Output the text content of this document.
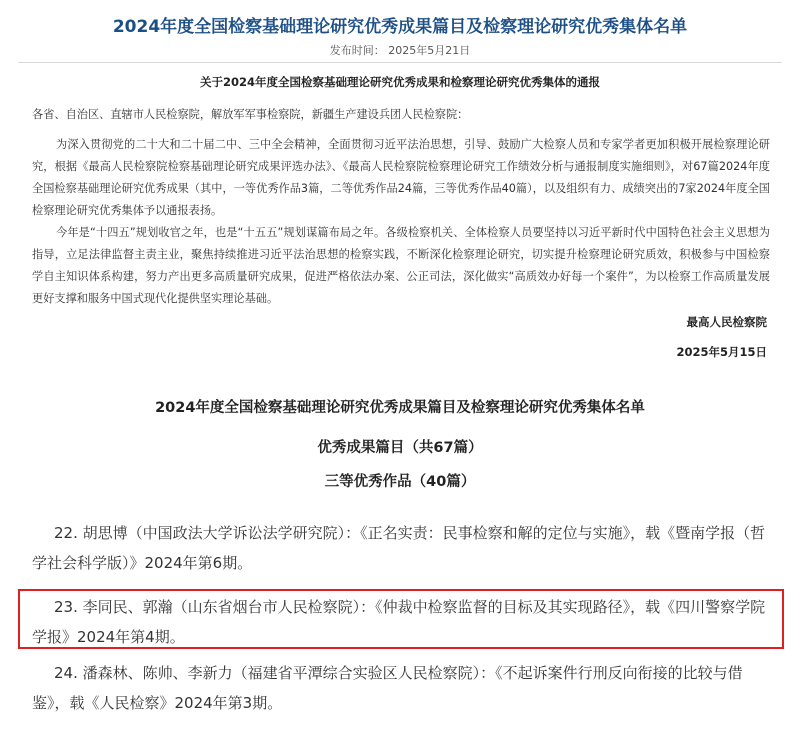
2024年度全国检察基础理论研究优秀成果篇目及检察理论研究优秀集体名单
发布时间： 2025年5月21日
关于2024年度全国检察基础理论研究优秀成果和检察理论研究优秀集体的通报
各省、自治区、直辖市人民检察院，解放军军事检察院，新疆生产建设兵团人民检察院：
为深入贯彻党的二十大和二十届二中、三中全会精神，全面贯彻习近平法治思想，引导、鼓励广大检察人员和专家学者更加积极开展检察理论研究，根据《最高人民检察院检察基础理论研究成果评选办法》、《最高人民检察院检察理论研究工作绩效分析与通报制度实施细则》，对67篇2024年度全国检察基础理论研究优秀成果（其中，一等优秀作品3篇，二等优秀作品24篇，三等优秀作品40篇），以及组织有力、成绩突出的7家2024年度全国检察理论研究优秀集体予以通报表扬。
今年是“十四五”规划收官之年，也是“十五五”规划谋篇布局之年。各级检察机关、全体检察人员要坚持以习近平新时代中国特色社会主义思想为指导，立足法律监督主责主业，聚焦持续推进习近平法治思想的检察实践，不断深化检察理论研究，切实提升检察理论研究质效，积极参与中国检察学自主知识体系构建，努力产出更多高质量研究成果，促进严格依法办案、公正司法，深化做实“高质效办好每一个案件”，为以检察工作高质量发展更好支撑和服务中国式现代化提供坚实理论基础。
最高人民检察院
2025年5月15日
2024年度全国检察基础理论研究优秀成果篇目及检察理论研究优秀集体名单
优秀成果篇目（共67篇）
三等优秀作品（40篇）
22. 胡思博（中国政法大学诉讼法学研究院）：《正名实责：民事检察和解的定位与实施》，载《暨南学报（哲学社会科学版）》2024年第6期。
23. 李同民、郭瀚（山东省烟台市人民检察院）：《仲裁中检察监督的目标及其实现路径》，载《四川警察学院学报》2024年第4期。
24. 潘森林、陈帅、李新力（福建省平潭综合实验区人民检察院）：《不起诉案件行刑反向衔接的比较与借鉴》，载《人民检察》2024年第3期。
